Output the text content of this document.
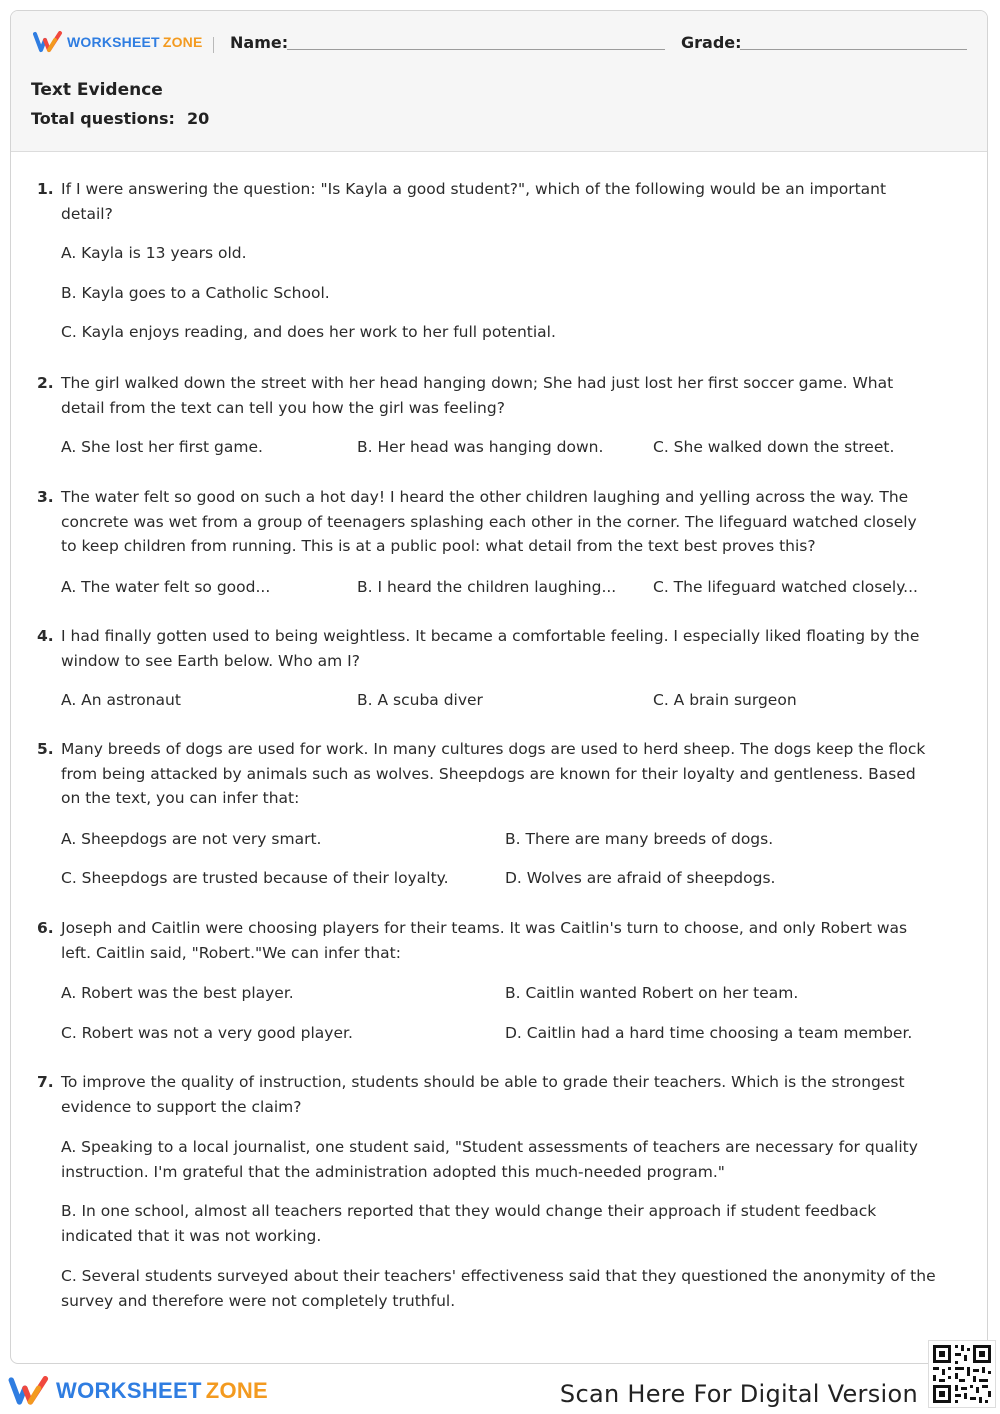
WORKSHEET ZONE Name:	Grade:
Text Evidence
Total questions: 20
1. If I were answering the question: "Is Kayla a good student?", which of the following would be an important detail?
A. Kayla is 13 years old.
B. Kayla goes to a Catholic School.
C. Kayla enjoys reading, and does her work to her full potential.
2. The girl walked down the street with her head hanging down; She had just lost her first soccer game. What detail from the text can tell you how the girl was feeling?
A. She lost her first game.	B. Her head was hanging down.	C. She walked down the street.
3. The water felt so good on such a hot day! I heard the other children laughing and yelling across the way. The concrete was wet from a group of teenagers splashing each other in the corner. The lifeguard watched closely to keep children from running. This is at a public pool: what detail from the text best proves this?
A. The water felt so good...	B. I heard the children laughing... C. The lifeguard watched closely...
4. I had finally gotten used to being weightless. It became a comfortable feeling. I especially liked floating by the window to see Earth below. Who am I?
A. An astronaut	B. A scuba diver	C. A brain surgeon
5. Many breeds of dogs are used for work. In many cultures dogs are used to herd sheep. The dogs keep the flock from being attacked by animals such as wolves. Sheepdogs are known for their loyalty and gentleness. Based on the text, you can infer that:
A. Sheepdogs are not very smart.	B. There are many breeds of dogs.
C. Sheepdogs are trusted because of their loyalty.	D. Wolves are afraid of sheepdogs.
6. Joseph and Caitlin were choosing players for their teams. It was Caitlin's turn to choose, and only Robert was left. Caitlin said, "Robert."We can infer that:
A. Robert was the best player.	B. Caitlin wanted Robert on her team.
C. Robert was not a very good player.	D. Caitlin had a hard time choosing a team member.
7. To improve the quality of instruction, students should be able to grade their teachers. Which is the strongest evidence to support the claim?
A. Speaking to a local journalist, one student said, "Student assessments of teachers are necessary for quality instruction. I'm grateful that the administration adopted this much-needed program."
B. In one school, almost all teachers reported that they would change their approach if student feedback indicated that it was not working.
C. Several students surveyed about their teachers' effectiveness said that they questioned the anonymity of the survey and therefore were not completely truthful.
WORKSHEET ZONE	Scan Here For Digital Version
